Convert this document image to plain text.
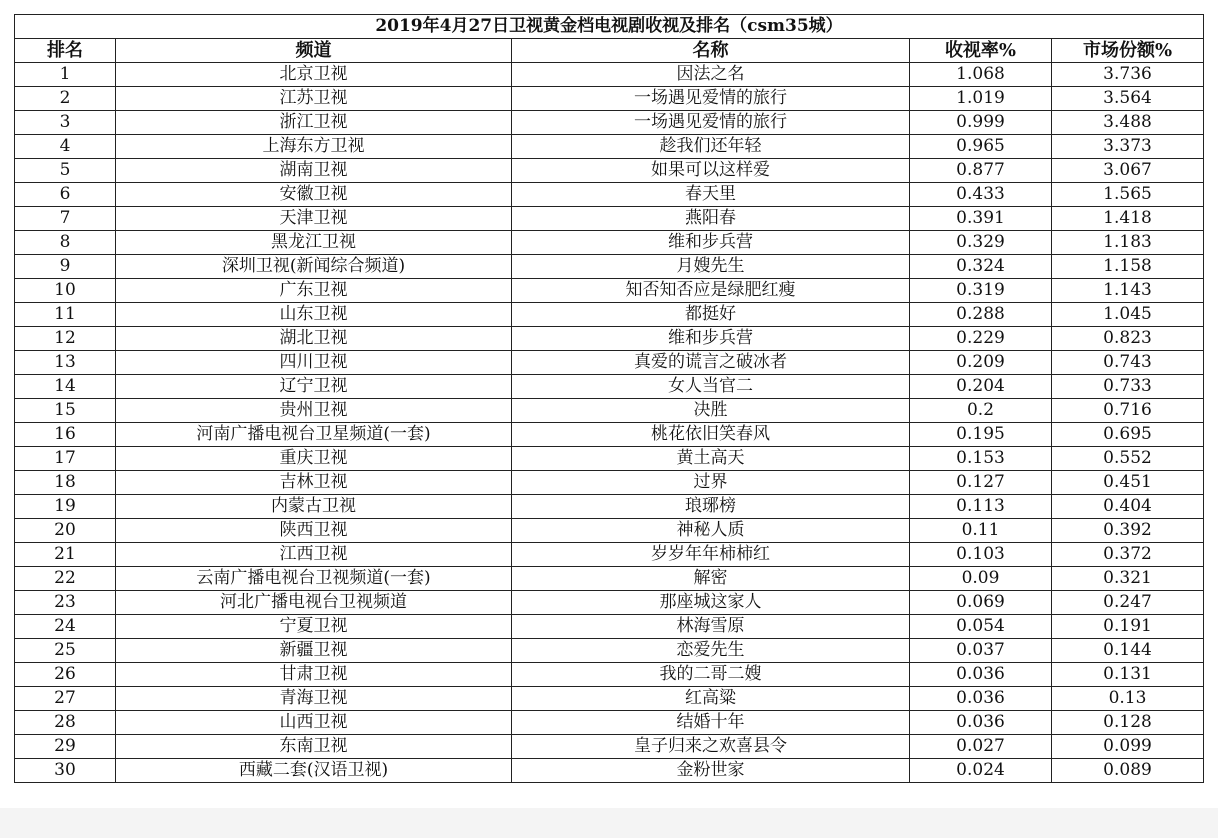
2019年4月27日卫视黄金档电视剧收视及排名（csm35城）				
排名	频道	名称	收视率%	市场份额%
1	北京卫视	因法之名	1.068	3.736
2	江苏卫视	一场遇见爱情的旅行	1.019	3.564
3	浙江卫视	一场遇见爱情的旅行	0.999	3.488
4	上海东方卫视	趁我们还年轻	0.965	3.373
5	湖南卫视	如果可以这样爱	0.877	3.067
6	安徽卫视	春天里	0.433	1.565
7	天津卫视	燕阳春	0.391	1.418
8	黑龙江卫视	维和步兵营	0.329	1.183
9	深圳卫视(新闻综合频道)	月嫂先生	0.324	1.158
10	广东卫视	知否知否应是绿肥红瘦	0.319	1.143
11	山东卫视	都挺好	0.288	1.045
12	湖北卫视	维和步兵营	0.229	0.823
13	四川卫视	真爱的谎言之破冰者	0.209	0.743
14	辽宁卫视	女人当官二	0.204	0.733
15	贵州卫视	决胜	0.2	0.716
16	河南广播电视台卫星频道(一套)	桃花依旧笑春风	0.195	0.695
17	重庆卫视	黄土高天	0.153	0.552
18	吉林卫视	过界	0.127	0.451
19	内蒙古卫视	琅琊榜	0.113	0.404
20	陕西卫视	神秘人质	0.11	0.392
21	江西卫视	岁岁年年柿柿红	0.103	0.372
22	云南广播电视台卫视频道(一套)	解密	0.09	0.321
23	河北广播电视台卫视频道	那座城这家人	0.069	0.247
24	宁夏卫视	林海雪原	0.054	0.191
25	新疆卫视	恋爱先生	0.037	0.144
26	甘肃卫视	我的二哥二嫂	0.036	0.131
27	青海卫视	红高粱	0.036	0.13
28	山西卫视	结婚十年	0.036	0.128
29	东南卫视	皇子归来之欢喜县令	0.027	0.099
30	西藏二套(汉语卫视)	金粉世家	0.024	0.089
